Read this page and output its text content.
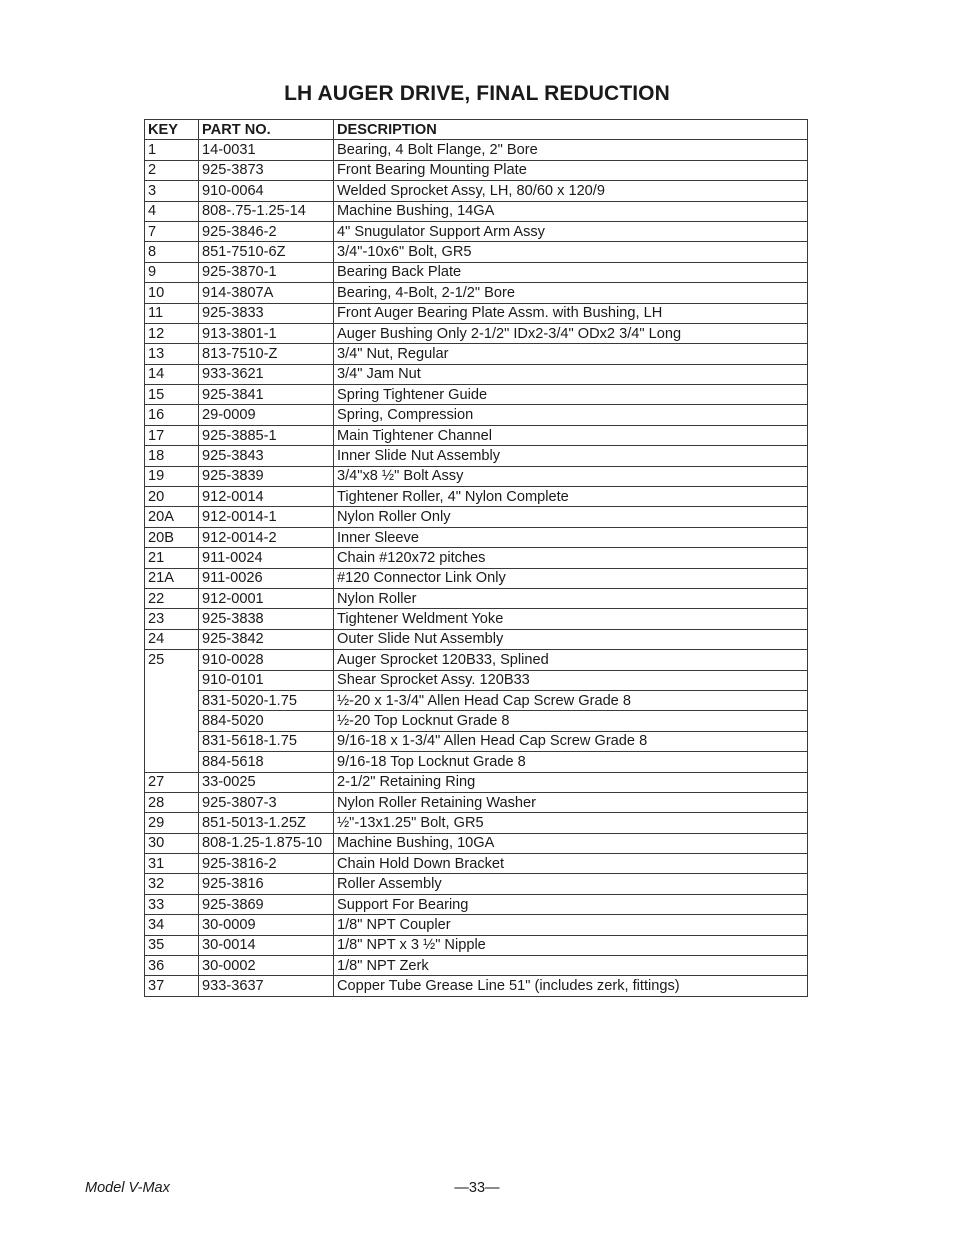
LH AUGER DRIVE, FINAL REDUCTION
KEY	PART NO.	DESCRIPTION
1	14-0031	Bearing, 4 Bolt Flange, 2" Bore
2	925-3873	Front Bearing Mounting Plate
3	910-0064	Welded Sprocket Assy, LH, 80/60 x 120/9
4	808-.75-1.25-14	Machine Bushing, 14GA
7	925-3846-2	4" Snugulator Support Arm Assy
8	851-7510-6Z	3/4"-10x6" Bolt, GR5
9	925-3870-1	Bearing Back Plate
10	914-3807A	Bearing, 4-Bolt, 2-1/2" Bore
11	925-3833	Front Auger Bearing Plate Assm. with Bushing, LH
12	913-3801-1	Auger Bushing Only 2-1/2" IDx2-3/4" ODx2 3/4" Long
13	813-7510-Z	3/4" Nut, Regular
14	933-3621	3/4" Jam Nut
15	925-3841	Spring Tightener Guide
16	29-0009	Spring, Compression
17	925-3885-1	Main Tightener Channel
18	925-3843	Inner Slide Nut Assembly
19	925-3839	3/4"x8 ½" Bolt Assy
20	912-0014	Tightener Roller, 4" Nylon Complete
20A	912-0014-1	Nylon Roller Only
20B	912-0014-2	Inner Sleeve
21	911-0024	Chain #120x72 pitches
21A	911-0026	#120 Connector Link Only
22	912-0001	Nylon Roller
23	925-3838	Tightener Weldment Yoke
24	925-3842	Outer Slide Nut Assembly
25	910-0028	Auger Sprocket 120B33, Splined
	910-0101	Shear Sprocket Assy. 120B33
	831-5020-1.75	½-20 x 1-3/4" Allen Head Cap Screw Grade 8
	884-5020	½-20 Top Locknut Grade 8
	831-5618-1.75	9/16-18 x 1-3/4" Allen Head Cap Screw Grade 8
	884-5618	9/16-18 Top Locknut Grade 8
27	33-0025	2-1/2" Retaining Ring
28	925-3807-3	Nylon Roller Retaining Washer
29	851-5013-1.25Z	½"-13x1.25" Bolt, GR5
30	808-1.25-1.875-10	Machine Bushing, 10GA
31	925-3816-2	Chain Hold Down Bracket
32	925-3816	Roller Assembly
33	925-3869	Support For Bearing
34	30-0009	1/8" NPT Coupler
35	30-0014	1/8" NPT x 3 ½" Nipple
36	30-0002	1/8" NPT Zerk
37	933-3637	Copper Tube Grease Line 51" (includes zerk, fittings)
Model V-Max	—33—
